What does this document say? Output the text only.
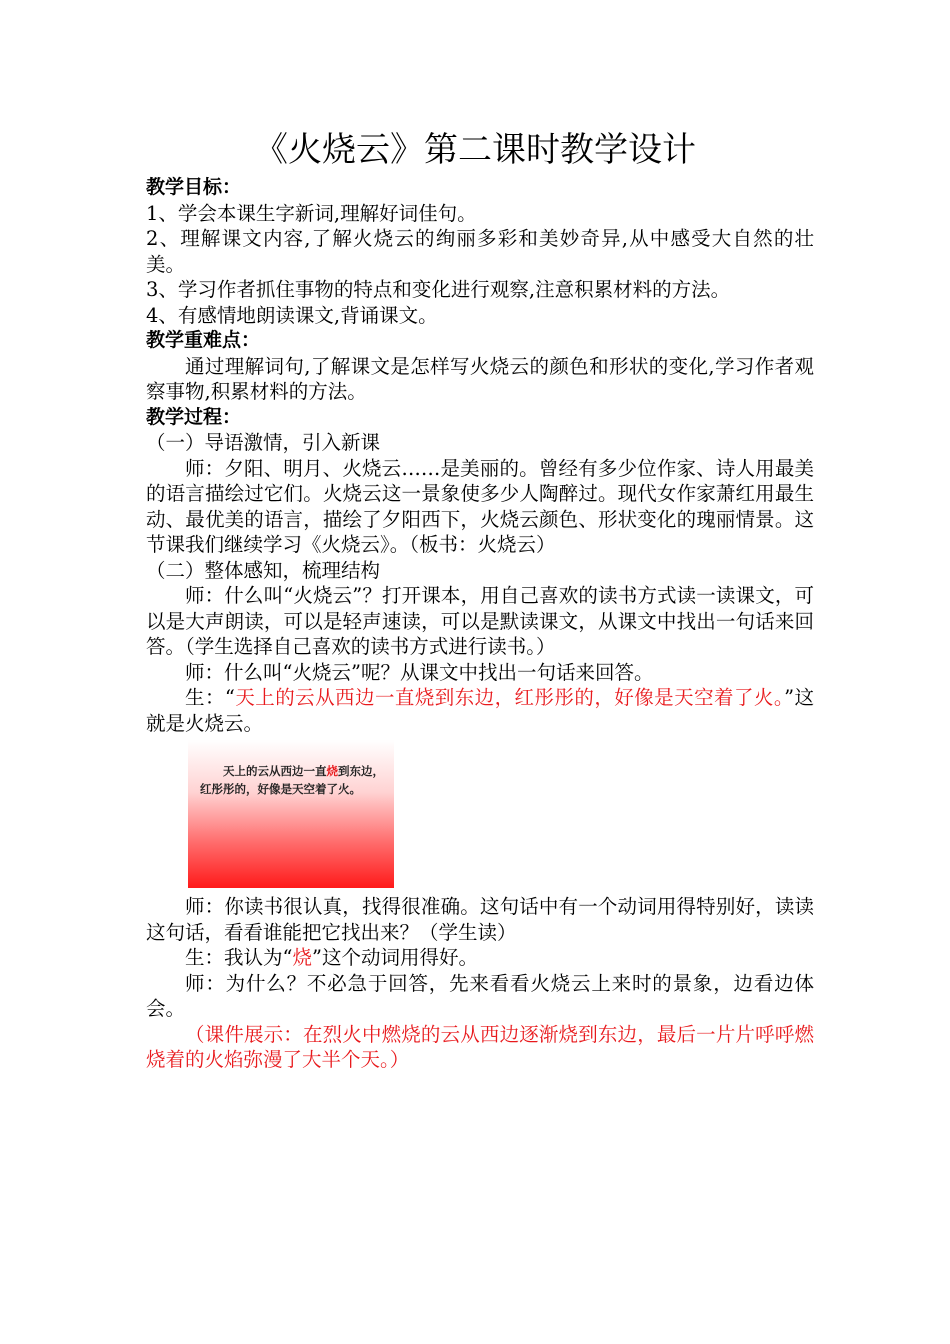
《火烧云》第二课时教学设计

教学目标：

1、学会本课生字新词,理解好词佳句。

2、理解课文内容,了解火烧云的绚丽多彩和美妙奇异,从中感受大自然的壮美。

3、学习作者抓住事物的特点和变化进行观察,注意积累材料的方法。

4、有感情地朗读课文,背诵课文。

教学重难点：

通过理解词句,了解课文是怎样写火烧云的颜色和形状的变化,学习作者观察事物,积累材料的方法。

教学过程：

（一）导语激情，引入新课

师：夕阳、明月、火烧云……是美丽的。曾经有多少位作家、诗人用最美的语言描绘过它们。火烧云这一景象使多少人陶醉过。现代女作家萧红用最生动、最优美的语言，描绘了夕阳西下，火烧云颜色、形状变化的瑰丽情景。这节课我们继续学习《火烧云》。（板书：火烧云）

（二）整体感知，梳理结构

师：什么叫“火烧云”？打开课本，用自己喜欢的读书方式读一读课文，可以是大声朗读，可以是轻声速读，可以是默读课文，从课文中找出一句话来回答。（学生选择自己喜欢的读书方式进行读书。）

师：什么叫“火烧云”呢？从课文中找出一句话来回答。

生：“天上的云从西边一直烧到东边，红彤彤的，好像是天空着了火。”这就是火烧云。

天上的云从西边一直烧到东边，红彤彤的，好像是天空着了火。

师：你读书很认真，找得很准确。这句话中有一个动词用得特别好，读读这句话，看看谁能把它找出来？（学生读）

生：我认为“烧”这个动词用得好。

师：为什么？不必急于回答，先来看看火烧云上来时的景象，边看边体会。

（课件展示：在烈火中燃烧的云从西边逐渐烧到东边，最后一片片呼呼燃烧着的火焰弥漫了大半个天。）
